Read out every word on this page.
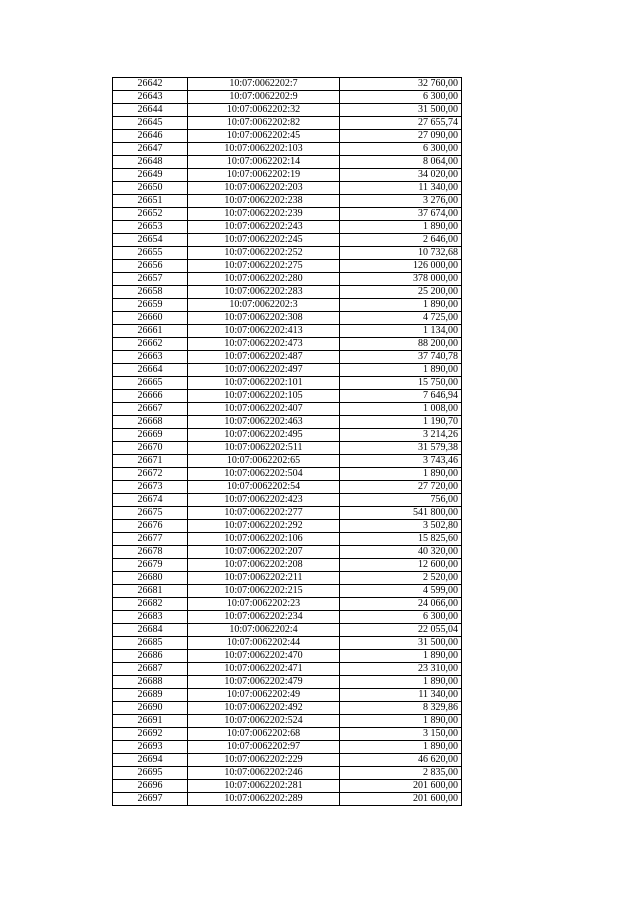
26642	10:07:0062202:7	32 760,00
26643	10:07:0062202:9	6 300,00
26644	10:07:0062202:32	31 500,00
26645	10:07:0062202:82	27 655,74
26646	10:07:0062202:45	27 090,00
26647	10:07:0062202:103	6 300,00
26648	10:07:0062202:14	8 064,00
26649	10:07:0062202:19	34 020,00
26650	10:07:0062202:203	11 340,00
26651	10:07:0062202:238	3 276,00
26652	10:07:0062202:239	37 674,00
26653	10:07:0062202:243	1 890,00
26654	10:07:0062202:245	2 646,00
26655	10:07:0062202:252	10 732,68
26656	10:07:0062202:275	126 000,00
26657	10:07:0062202:280	378 000,00
26658	10:07:0062202:283	25 200,00
26659	10:07:0062202:3	1 890,00
26660	10:07:0062202:308	4 725,00
26661	10:07:0062202:413	1 134,00
26662	10:07:0062202:473	88 200,00
26663	10:07:0062202:487	37 740,78
26664	10:07:0062202:497	1 890,00
26665	10:07:0062202:101	15 750,00
26666	10:07:0062202:105	7 646,94
26667	10:07:0062202:407	1 008,00
26668	10:07:0062202:463	1 190,70
26669	10:07:0062202:495	3 214,26
26670	10:07:0062202:511	31 579,38
26671	10:07:0062202:65	3 743,46
26672	10:07:0062202:504	1 890,00
26673	10:07:0062202:54	27 720,00
26674	10:07:0062202:423	756,00
26675	10:07:0062202:277	541 800,00
26676	10:07:0062202:292	3 502,80
26677	10:07:0062202:106	15 825,60
26678	10:07:0062202:207	40 320,00
26679	10:07:0062202:208	12 600,00
26680	10:07:0062202:211	2 520,00
26681	10:07:0062202:215	4 599,00
26682	10:07:0062202:23	24 066,00
26683	10:07:0062202:234	6 300,00
26684	10:07:0062202:4	22 055,04
26685	10:07:0062202:44	31 500,00
26686	10:07:0062202:470	1 890,00
26687	10:07:0062202:471	23 310,00
26688	10:07:0062202:479	1 890,00
26689	10:07:0062202:49	11 340,00
26690	10:07:0062202:492	8 329,86
26691	10:07:0062202:524	1 890,00
26692	10:07:0062202:68	3 150,00
26693	10:07:0062202:97	1 890,00
26694	10:07:0062202:229	46 620,00
26695	10:07:0062202:246	2 835,00
26696	10:07:0062202:281	201 600,00
26697	10:07:0062202:289	201 600,00
